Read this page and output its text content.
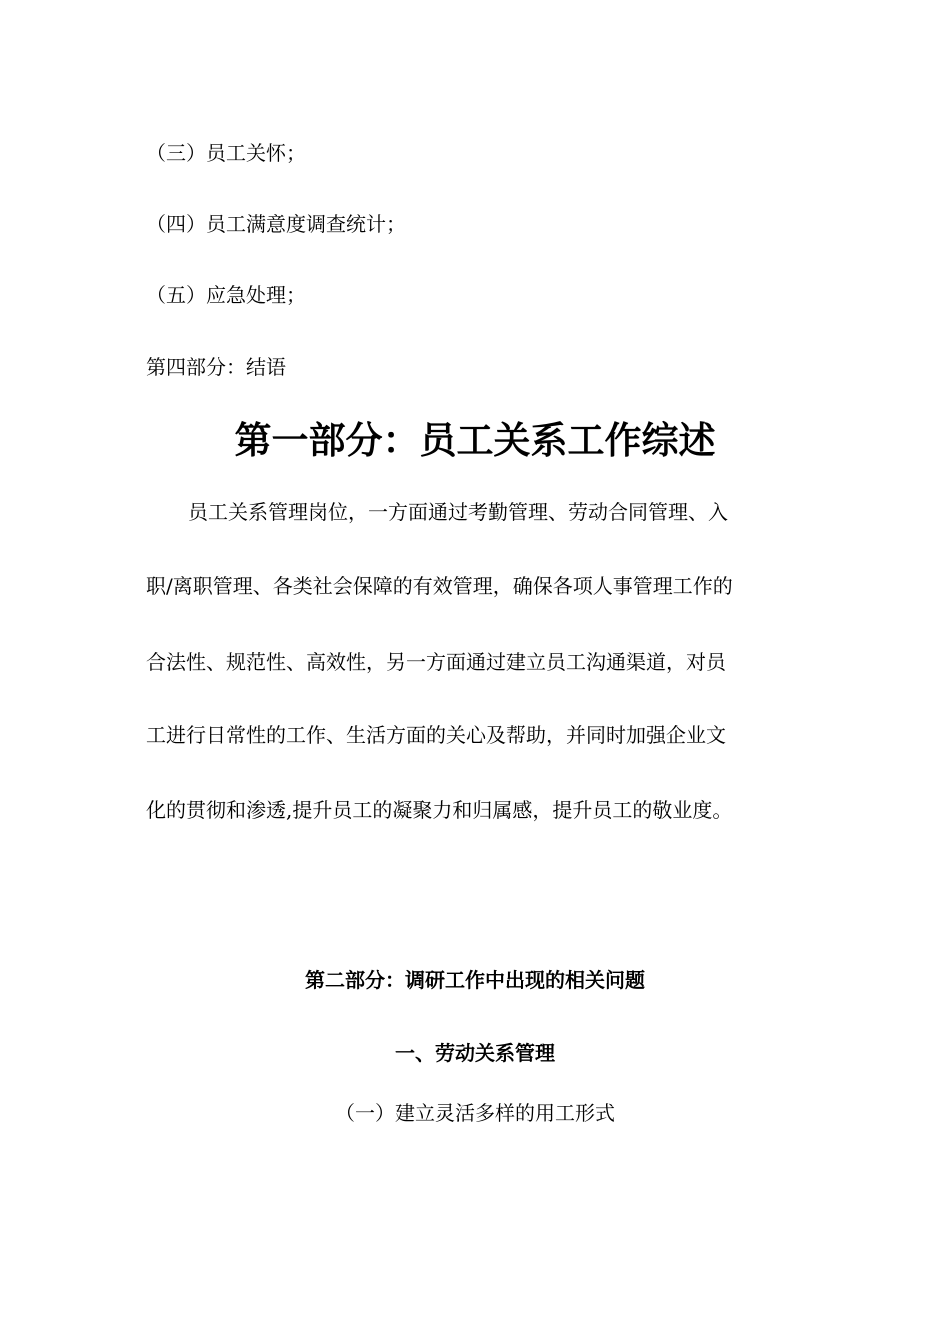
（三）员工关怀；
（四）员工满意度调查统计；
（五）应急处理；
第四部分：结语
第一部分：员工关系工作综述
员工关系管理岗位，一方面通过考勤管理、劳动合同管理、入
职/离职管理、各类社会保障的有效管理，确保各项人事管理工作的
合法性、规范性、高效性，另一方面通过建立员工沟通渠道，对员
工进行日常性的工作、生活方面的关心及帮助，并同时加强企业文
化的贯彻和渗透,提升员工的凝聚力和归属感，提升员工的敬业度。
第二部分：调研工作中出现的相关问题
一、劳动关系管理
（一）建立灵活多样的用工形式
